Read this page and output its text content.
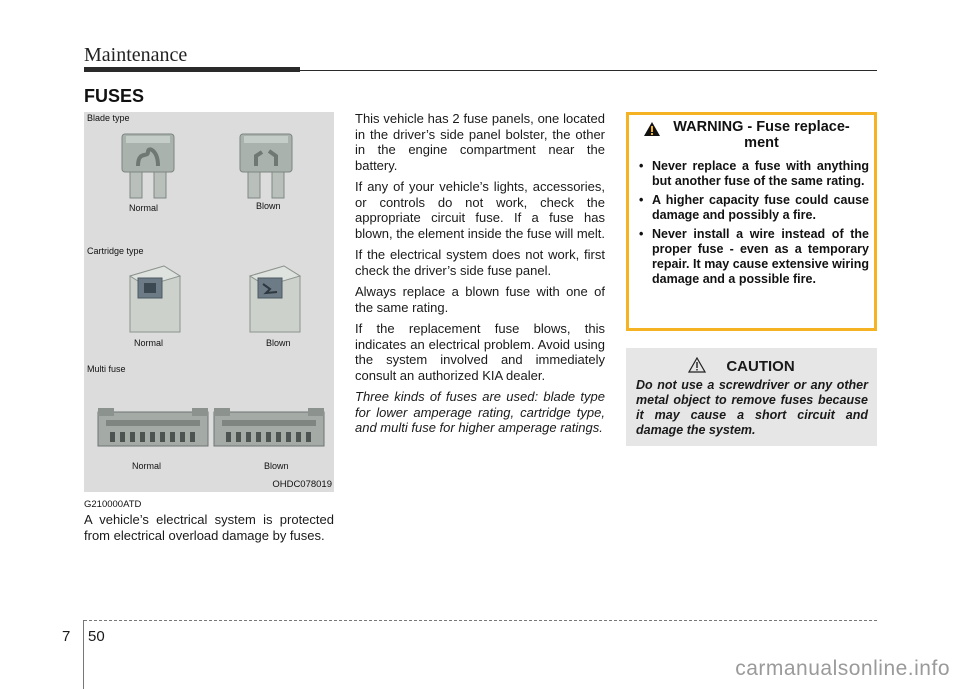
Maintenance
FUSES
Blade type
Normal	Blown
Cartridge type
Normal	Blown
Multi fuse
Normal	Blown
OHDC078019
G210000ATD

A vehicle’s electrical system is protected from electrical overload damage by fuses.

This vehicle has 2 fuse panels, one located in the driver’s side panel bolster, the other in the engine compartment near the battery.

If any of your vehicle’s lights, accessories, or controls do not work, check the appropriate circuit fuse. If a fuse has blown, the element inside the fuse will melt.

If the electrical system does not work, first check the driver’s side fuse panel.

Always replace a blown fuse with one of the same rating.

If the replacement fuse blows, this indicates an electrical problem. Avoid using the system involved and immediately consult an authorized KIA dealer.

Three kinds of fuses are used: blade type for lower amperage rating, cartridge type, and multi fuse for higher amperage ratings.

WARNING - Fuse replace-
ment
• Never replace a fuse with anything but another fuse of the same rating.
• A higher capacity fuse could cause damage and possibly a fire.
• Never install a wire instead of the proper fuse - even as a temporary repair. It may cause extensive wiring damage and a possible fire.
CAUTION
Do not use a screwdriver or any other metal object to remove fuses because it may cause a short circuit and damage the system.
7 50
carmanualsonline.info
